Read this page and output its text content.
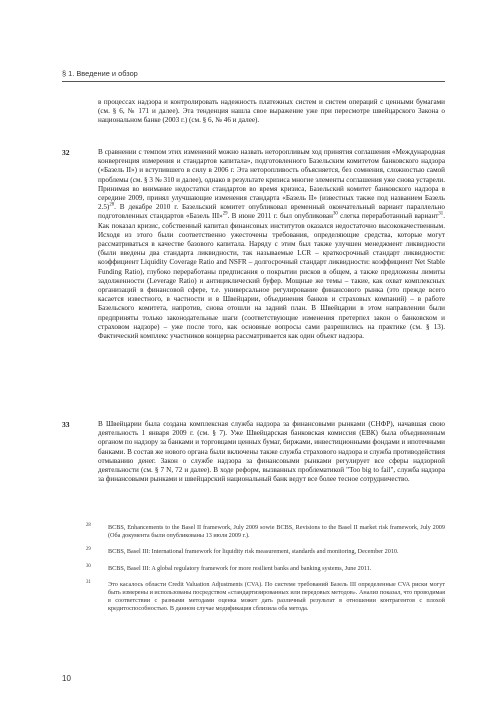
§ 1. Введение и обзор
в процессах надзора и контролировать надежность платежных систем и систем операций с ценными бумагами (см. § 6, № 171 и далее). Эта тенденция нашла свое выражение уже при пересмотре швейцарского Закона о национальном банке (2003 г.) (см. § 6, № 46 и далее).
32	В сравнении с темпом этих изменений можно назвать неторопливым ход принятия соглашения «Международная конвергенция измерения и стандартов капитала», подготовленного Базельским комитетом банковского надзора («Базель II») и вступившего в силу в 2006 г. Эта неторопливость объясняется, без сомнения, сложностью самой проблемы (см. § 3 № 310 и далее), однако в результате кризиса многие элементы соглашения уже снова устарели. Принимая во внимание недостатки стандартов во время кризиса, Базельский комитет банковского надзора в середине 2009, принял улучшающие изменения стандарта «Базель II» (известных также под названием Базель 2.5)$^{28}$. В декабре 2010 г. Базельский комитет опубликовал временный окончательный вариант параллельно подготовленных стандартов «Базель III»$^{29}$. В июне 2011 г. был опубликован$^{30}$ слегка переработанный вариант$^{31}$. Как показал кризис, собственный капитал финансовых институтов оказался недостаточно высококачественным. Исходя из этого были соответственно ужесточены требования, определяющие средства, которые могут рассматриваться в качестве базового капитала. Наряду с этим был также улучшен менеджмент ликвидности (были введены два стандарта ликвидности, так называемые LCR – краткосрочный стандарт ликвидности: коэффициент Liquidity Coverage Ratio and NSFR – долгосрочный стандарт ликвидности: коэффициент Net Stable Funding Ratio), глубоко переработаны предписания о покрытии рисков в общем, а также предложены лимиты задолженности (Leverage Ratio) и антициклический буфер. Мощные же темы – такие, как охват комплексных организаций в финансовой сфере, т.е. универсальное регулирование финансового рынка (это прежде всего касается известного, в частности и в Швейцарии, объединения банков и страховых компаний) – в работе Базельского комитета, напротив, снова отошли на задний план. В Швейцарии в этом направлении были предприняты только законодательные шаги (соответствующие изменения претерпел закон о банковском и страховом надзоре) – уже после того, как основные вопросы сами разрешились на практике (см. § 13). Фактический комплекс участников концерна рассматривается как один объект надзора.
33	В Швейцарии была создана комплексная служба надзора за финансовыми рынками (СНФР), начавшая свою деятельность 1 января 2009 г. (см. § 7). Уже Швейцарская банковская комиссия (ЕВК) была объединенным органом по надзору за банками и торговцами ценных бумаг, биржами, инвестиционными фондами и ипотечными банками. В состав же нового органа были включены также служба страхового надзора и служба противодействия отмыванию денег. Закон о службе надзора за финансовыми рынками регулирует все сферы надзорной деятельности (см. § 7 N, 72 и далее). В ходе реформ, вызванных проблематикой "Too big to fail", служба надзора за финансовыми рынками и швейцарский национальный банк ведут все более тесное сотрудничество.
28	BCBS, Enhancements to the Basel II framework, July 2009 sowie BCBS, Revisions to the Basel II market risk framework, July 2009 (Оба документа были опубликованы 13 июля 2009 г.).
29	BCBS, Basel III: International framework for liquidity risk measurement, standards and monitoring, December 2010.
30	BCBS, Basel III: A global regulatory framework for more resilient banks and banking systems, June 2011.
31	Это касалось области Credit Valuation Adjustments (CVA). По системе требований Базель III определенные CVA риски могут быть измерены и использованы посредством «стандартизированных или передовых методов». Анализ показал, что проводимая в соответствии с разными методами оценка может дать различный результат в отношении контрагентов с плохой кредитоспособностью. В данном случае модификация сблизила оба метода.
10
